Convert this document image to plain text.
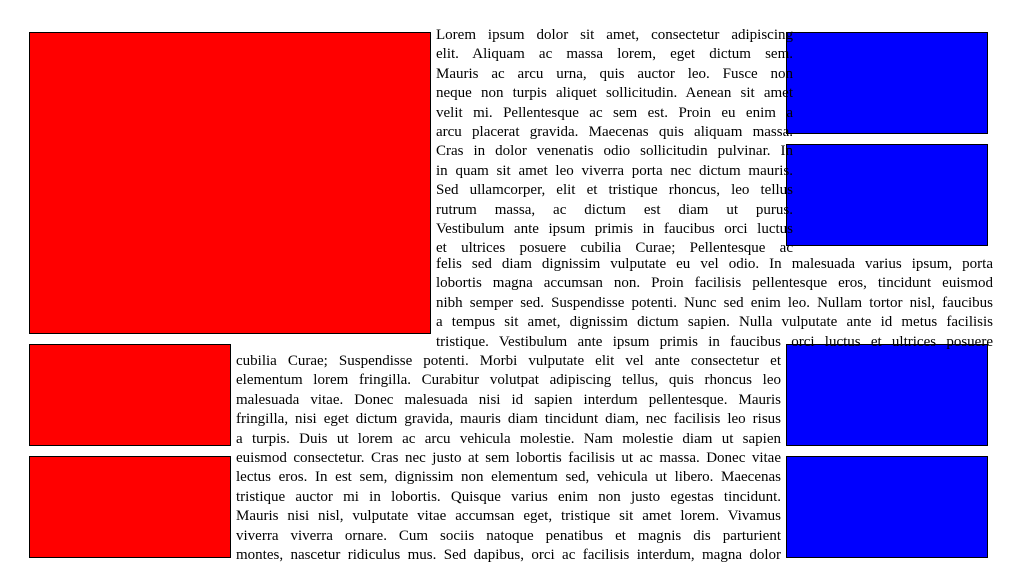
Lorem ipsum dolor sit amet, consectetur adipiscing
elit. Aliquam ac massa lorem, eget dictum sem.
Mauris ac arcu urna, quis auctor leo. Fusce non
neque non turpis aliquet sollicitudin. Aenean sit amet
velit mi. Pellentesque ac sem est. Proin eu enim a
arcu placerat gravida. Maecenas quis aliquam massa.
Cras in dolor venenatis odio sollicitudin pulvinar. In
in quam sit amet leo viverra porta nec dictum mauris.
Sed ullamcorper, elit et tristique rhoncus, leo tellus
rutrum massa, ac dictum est diam ut purus.
Vestibulum ante ipsum primis in faucibus orci luctus
et ultrices posuere cubilia Curae; Pellentesque ac
felis sed diam dignissim vulputate eu vel odio. In malesuada varius ipsum, porta
lobortis magna accumsan non. Proin facilisis pellentesque eros, tincidunt euismod
nibh semper sed. Suspendisse potenti. Nunc sed enim leo. Nullam tortor nisl, faucibus
a tempus sit amet, dignissim dictum sapien. Nulla vulputate ante id metus facilisis
tristique. Vestibulum ante ipsum primis in faucibus orci luctus et ultrices posuere
cubilia Curae; Suspendisse potenti. Morbi vulputate elit vel ante consectetur et
elementum lorem fringilla. Curabitur volutpat adipiscing tellus, quis rhoncus leo
malesuada vitae. Donec malesuada nisi id sapien interdum pellentesque. Mauris
fringilla, nisi eget dictum gravida, mauris diam tincidunt diam, nec facilisis leo risus
a turpis. Duis ut lorem ac arcu vehicula molestie. Nam molestie diam ut sapien
euismod consectetur. Cras nec justo at sem lobortis facilisis ut ac massa. Donec vitae
lectus eros. In est sem, dignissim non elementum sed, vehicula ut libero. Maecenas
tristique auctor mi in lobortis. Quisque varius enim non justo egestas tincidunt.
Mauris nisi nisl, vulputate vitae accumsan eget, tristique sit amet lorem. Vivamus
viverra viverra ornare. Cum sociis natoque penatibus et magnis dis parturient
montes, nascetur ridiculus mus. Sed dapibus, orci ac facilisis interdum, magna dolor
